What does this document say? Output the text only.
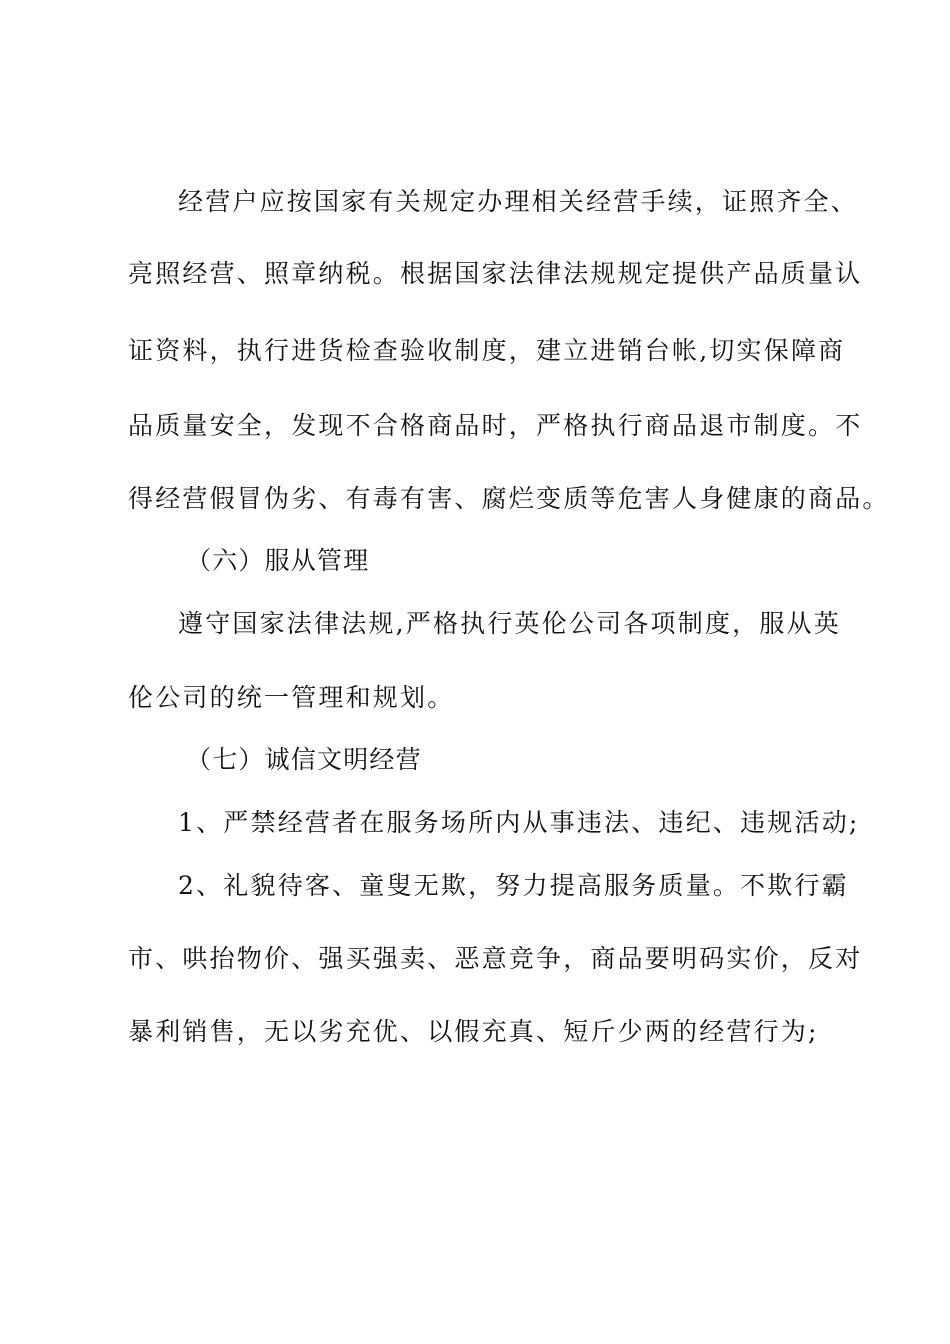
经营户应按国家有关规定办理相关经营手续，证照齐全、
亮照经营、照章纳税。根据国家法律法规规定提供产品质量认
证资料，执行进货检查验收制度，建立进销台帐,切实保障商
品质量安全，发现不合格商品时，严格执行商品退市制度。不
得经营假冒伪劣、有毒有害、腐烂变质等危害人身健康的商品。
（六）服从管理
遵守国家法律法规,严格执行英伦公司各项制度，服从英
伦公司的统一管理和规划。
（七）诚信文明经营
1、严禁经营者在服务场所内从事违法、违纪、违规活动;
2、礼貌待客、童叟无欺，努力提高服务质量。不欺行霸
市、哄抬物价、强买强卖、恶意竞争，商品要明码实价，反对
暴利销售，无以劣充优、以假充真、短斤少两的经营行为;
